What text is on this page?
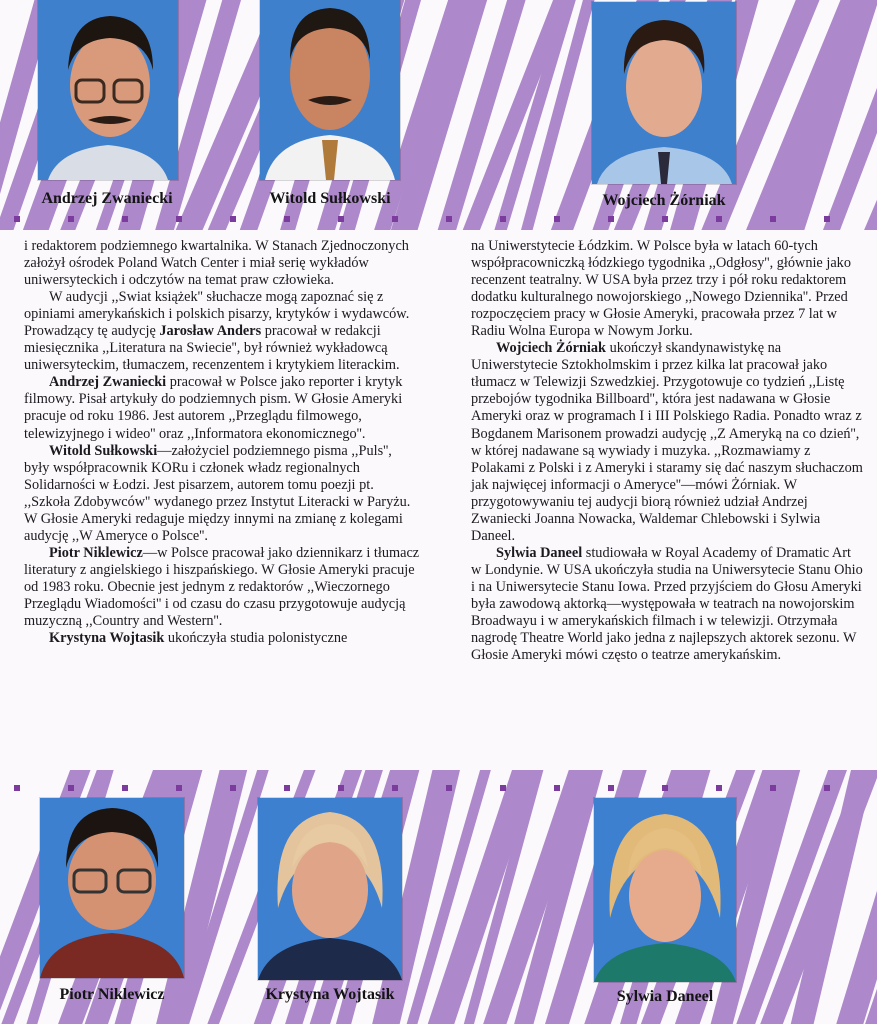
Andrzej Zwaniecki	Witold Sułkowski	Wojciech Żórniak

i redaktorem podziemnego kwartalnika. W Stanach Zjednoczonych założył ośrodek Poland Watch Center i miał serię wykładów uniwersyteckich i odczytów na temat praw człowieka.

W audycji ,,Swiat książek'' słuchacze mogą zapoznać się z opiniami amerykańskich i polskich pisarzy, krytyków i wydawców. Prowadzący tę audycję Jarosław Anders pracował w redakcji miesięcznika ,,Literatura na Swiecie'', był również wykładowcą uniwersyteckim, tłumaczem, recenzentem i krytykiem literackim.

Andrzej Zwaniecki pracował w Polsce jako reporter i krytyk filmowy. Pisał artykuły do podziemnych pism. W Głosie Ameryki pracuje od roku 1986. Jest autorem ,,Przeglądu filmowego, telewizyjnego i wideo'' oraz ,,Informatora ekonomicznego''.

Witold Sułkowski—założyciel podziemnego pisma ,,Puls'', były współpracownik KORu i członek władz regionalnych Solidarności w Łodzi. Jest pisarzem, autorem tomu poezji pt. ,,Szkoła Zdobywców'' wydanego przez Instytut Literacki w Paryżu. W Głosie Ameryki redaguje między innymi na zmianę z kolegami audycję ,,W Ameryce o Polsce''.

Piotr Niklewicz—w Polsce pracował jako dziennikarz i tłumacz literatury z angielskiego i hiszpańskiego. W Głosie Ameryki pracuje od 1983 roku. Obecnie jest jednym z redaktorów ,,Wieczornego Przeglądu Wiadomości'' i od czasu do czasu przygotowuje audycją muzyczną ,,Country and Western''.

Krystyna Wojtasik ukończyła studia polonistyczne

na Uniwerstytecie Łódzkim. W Polsce była w latach 60-tych współpracowniczką łódzkiego tygodnika ,,Odgłosy'', głównie jako recenzent teatralny. W USA była przez trzy i pół roku redaktorem dodatku kulturalnego nowojorskiego ,,Nowego Dziennika''. Przed rozpoczęciem pracy w Głosie Ameryki, pracowała przez 7 lat w Radiu Wolna Europa w Nowym Jorku.

Wojciech Żórniak ukończył skandynawistykę na Uniwerstytecie Sztokholmskim i przez kilka lat pracował jako tłumacz w Telewizji Szwedzkiej. Przygotowuje co tydzień ,,Listę przebojów tygodnika Billboard'', która jest nadawana w Głosie Ameryki oraz w programach I i III Polskiego Radia. Ponadto wraz z Bogdanem Marisonem prowadzi audycję ,,Z Ameryką na co dzień'', w której nadawane są wywiady i muzyka. ,,Rozmawiamy z Polakami z Polski i z Ameryki i staramy się dać naszym słuchaczom jak najwięcej informacji o Ameryce''—mówi Żórniak. W przygotowywaniu tej audycji biorą również udział Andrzej Zwaniecki Joanna Nowacka, Waldemar Chlebowski i Sylwia Daneel.

Sylwia Daneel studiowała w Royal Academy of Dramatic Art w Londynie. W USA ukończyła studia na Uniwersytecie Stanu Ohio i na Uniwersytecie Stanu Iowa. Przed przyjściem do Głosu Ameryki była zawodową aktorką—występowała w teatrach na nowojorskim Broadwayu i w amerykańskich filmach i w telewizji. Otrzymała nagrodę Theatre World jako jedna z najlepszych aktorek sezonu. W Głosie Ameryki mówi często o teatrze amerykańskim.

Piotr Niklewicz	Krystyna Wojtasik	Sylwia Daneel
